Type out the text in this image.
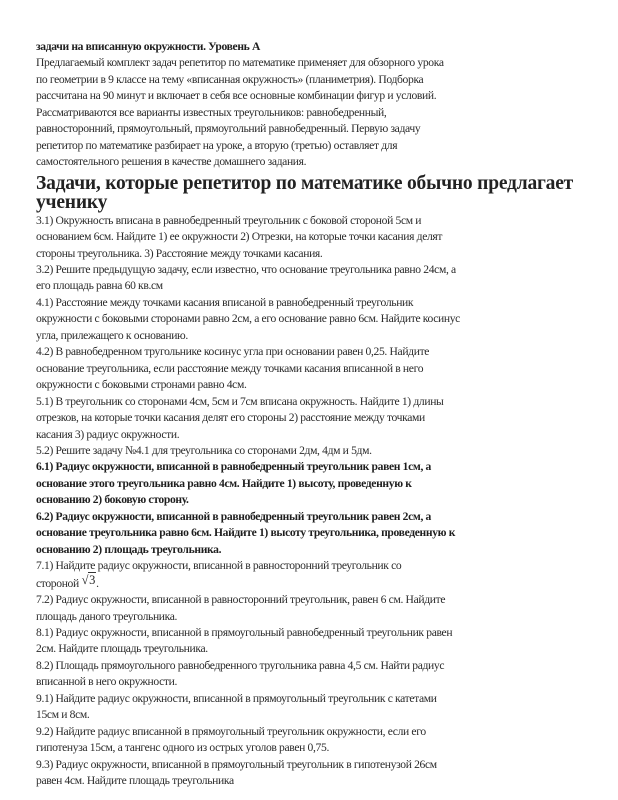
задачи на вписанную окружности. Уровень А

Предлагаемый комплект задач репетитор по математике применяет для обзорного урока
по геометрии в 9 классе на тему «вписанная окружность» (планиметрия). Подборка
рассчитана на 90 минут и включает в себя все основные комбинации фигур и условий.
Рассматриваются все варианты известных треугольников: равнобедренный,
равносторонний, прямоугольный, прямоугольний равнобедренный. Первую задачу
репетитор по математике разбирает на уроке, а вторую (третью) оставляет для
самостоятельного решения в качестве домашнего задания.

Задачи, которые репетитор по математике обычно предлагает
ученику

3.1) Окружность вписана в равнобедренный треугольник с боковой стороной 5см и
основанием 6см. Найдите 1) ее окружности 2) Отрезки, на которые точки касания делят
стороны треугольника. 3) Расстояние между точками касания.

3.2) Решите предыдущую задачу, если известно, что основание треугольника равно 24см, а
его площадь равна 60 кв.см

4.1) Расстояние между точками касания вписаной в равнобедренный треугольник
окружности с боковыми сторонами равно 2см, а его основание равно 6см. Найдите косинус
угла, прилежащего к основанию.

4.2) В равнобедренном тругольнике косинус угла при основании равен 0,25. Найдите
основание треугольника, если расстояние между точками касания вписанной в него
окружности с боковыми стронами равно 4см.

5.1) В треугольник со сторонами 4см, 5см и 7см вписана окружность. Найдите 1) длины
отрезков, на которые точки касания делят его стороны 2) расстояние между точками
касания 3) радиус окружности.

5.2) Решите задачу №4.1 для треугольника со сторонами 2дм, 4дм и 5дм.

6.1) Радиус окружности, вписанной в равнобедренный треугольник равен 1см, а
основание этого треугольника равно 4см. Найдите 1) высоту, проведенную к
основанию 2) боковую сторону.

6.2) Радиус окружности, вписанной в равнобедренный треугольник равен 2см, а
основание треугольника равно 6см. Найдите 1) высоту треугольника, проведенную к
основанию 2) площадь треугольника.

7.1) Найдите радиус окружности, вписанной в равносторонний треугольник со
стороной √3.

7.2) Радиус окружности, вписанной в равносторонний треугольник, равен 6 см. Найдите
площадь даного треугольника.

8.1) Радиус окружности, вписанной в прямоугольный равнобедренный треугольник равен
2см. Найдите площадь треугольника.

8.2) Площадь прямоугольного равнобедренного тругольника равна 4,5 см. Найти радиус
вписанной в него окружности.

9.1) Найдите радиус окружности, вписанной в прямоугольный треугольник с катетами
15см и 8см.

9.2) Найдите радиус вписанной в прямоугольный треугольник окружности, если его
гипотенуза 15см, а тангенс одного из острых уголов равен 0,75.

9.3) Радиус окружности, вписанной в прямоугольный треугольник в гипотенузой 26см
равен 4см. Найдите площадь треугольника
